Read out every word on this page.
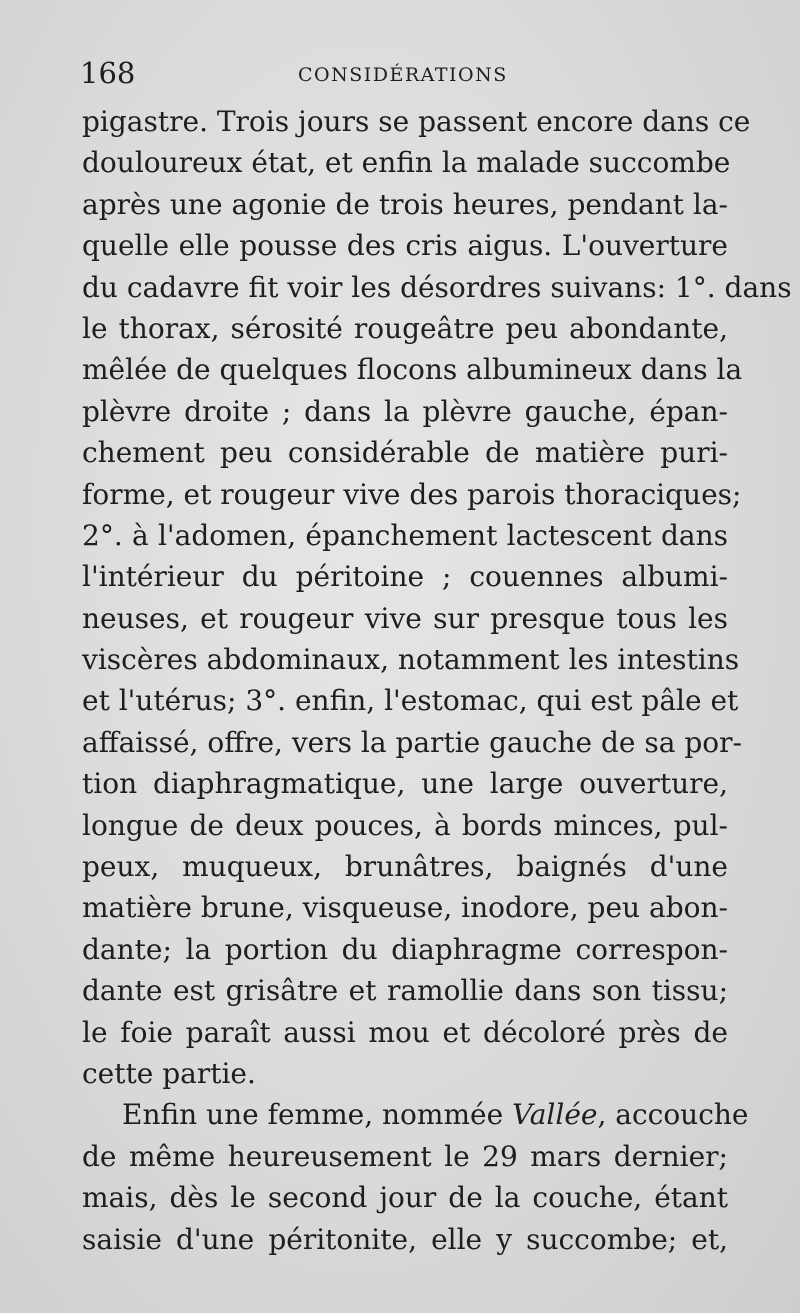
168	CONSIDÉRATIONS
pigastre. Trois jours se passent encore dans ce
douloureux état, et enfin la malade succombe
après une agonie de trois heures, pendant la-
quelle elle pousse des cris aigus. L'ouverture
du cadavre fit voir les désordres suivans: 1°. dans
le thorax, sérosité rougeâtre peu abondante,
mêlée de quelques flocons albumineux dans la
plèvre droite ; dans la plèvre gauche, épan-
chement peu considérable de matière puri-
forme, et rougeur vive des parois thoraciques;
2°. à l'adomen, épanchement lactescent dans
l'intérieur du péritoine ; couennes albumi-
neuses, et rougeur vive sur presque tous les
viscères abdominaux, notamment les intestins
et l'utérus; 3°. enfin, l'estomac, qui est pâle et
affaissé, offre, vers la partie gauche de sa por-
tion diaphragmatique, une large ouverture,
longue de deux pouces, à bords minces, pul-
peux, muqueux, brunâtres, baignés d'une
matière brune, visqueuse, inodore, peu abon-
dante; la portion du diaphragme correspon-
dante est grisâtre et ramollie dans son tissu;
le foie paraît aussi mou et décoloré près de
cette partie.
Enfin une femme, nommée Vallée, accouche
de même heureusement le 29 mars dernier;
mais, dès le second jour de la couche, étant
saisie d'une péritonite, elle y succombe; et,
